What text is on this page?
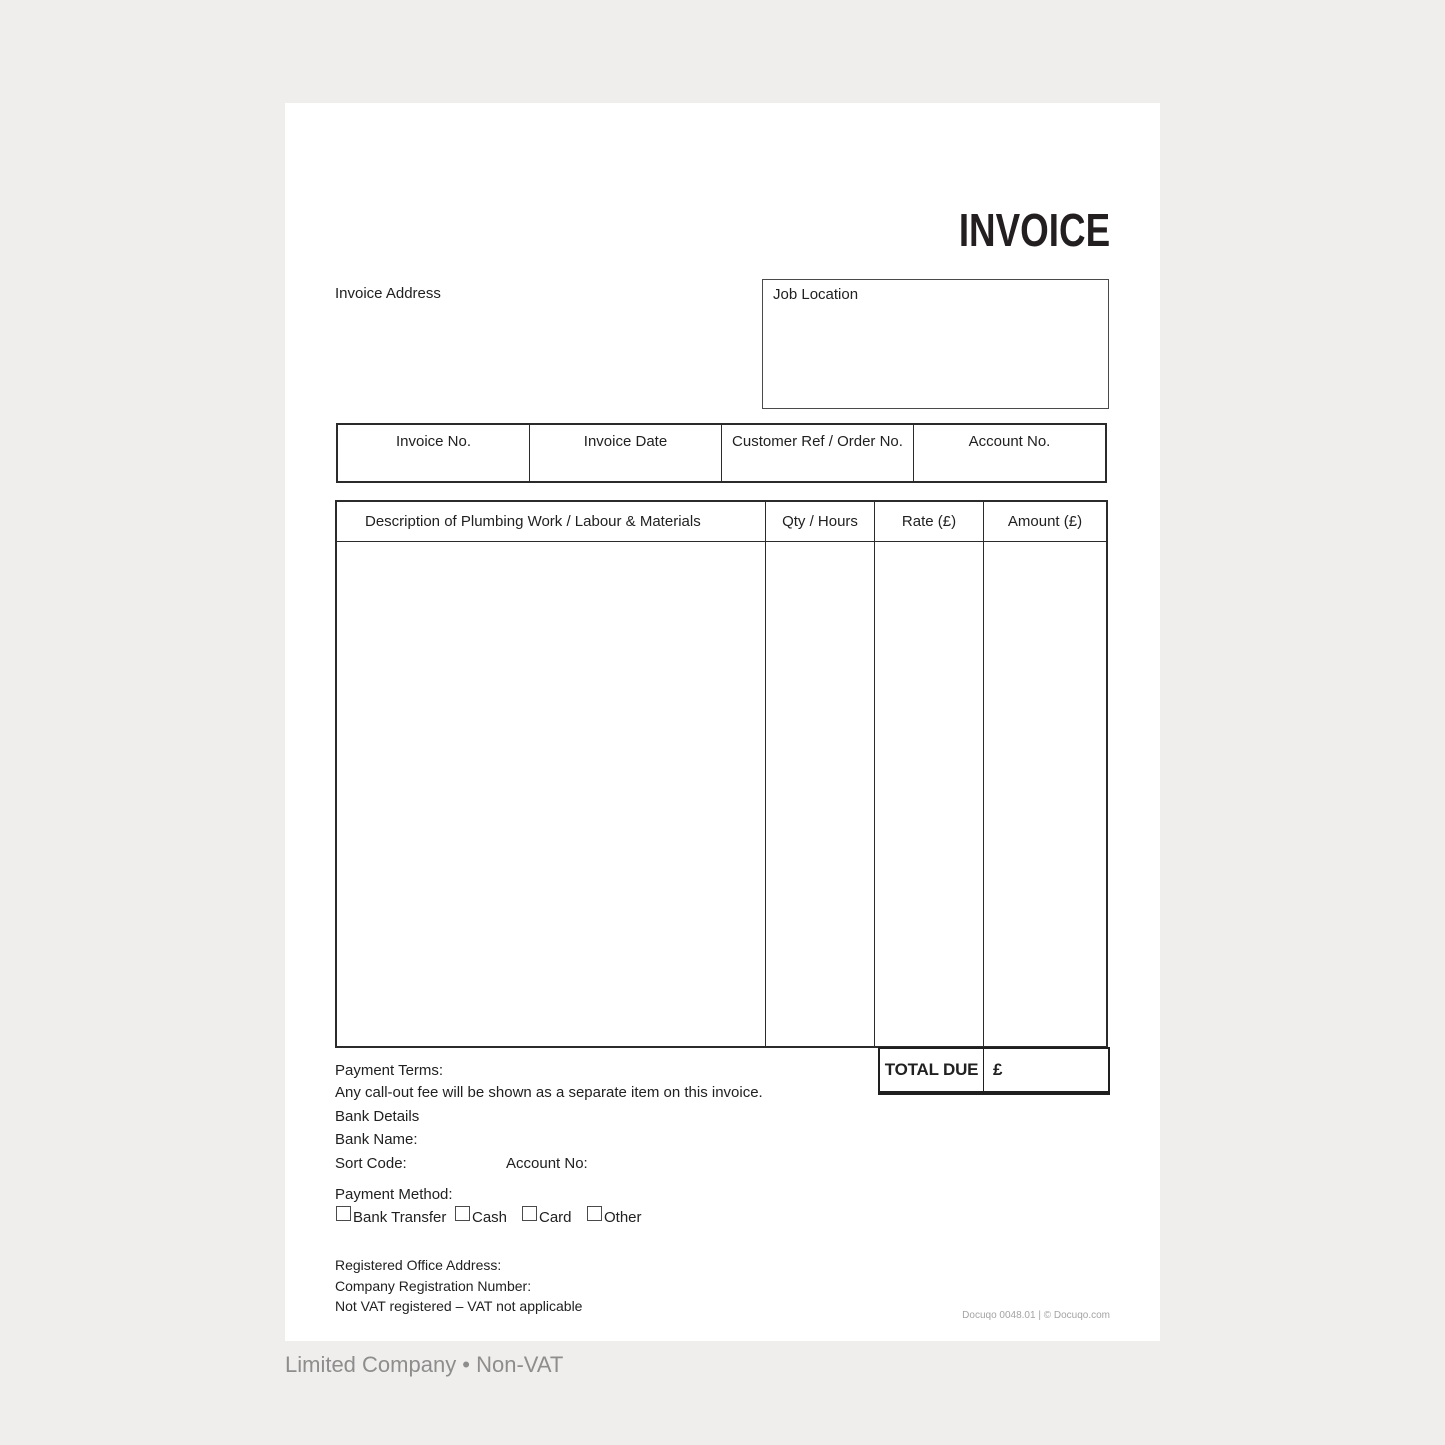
INVOICE
Invoice Address	Job Location
Invoice No.	Invoice Date	Customer Ref / Order No.	Account No.
Description of Plumbing Work / Labour & Materials	Qty / Hours	Rate (£)	Amount (£)
TOTAL DUE £
Payment Terms:
Any call-out fee will be shown as a separate item on this invoice.
Bank Details
Bank Name:
Sort Code:	Account No:
Payment Method:
Bank Transfer Cash Card Other
Registered Office Address:
Company Registration Number:
Not VAT registered – VAT not applicable
Docuqo 0048.01 | © Docuqo.com
Limited Company • Non-VAT
